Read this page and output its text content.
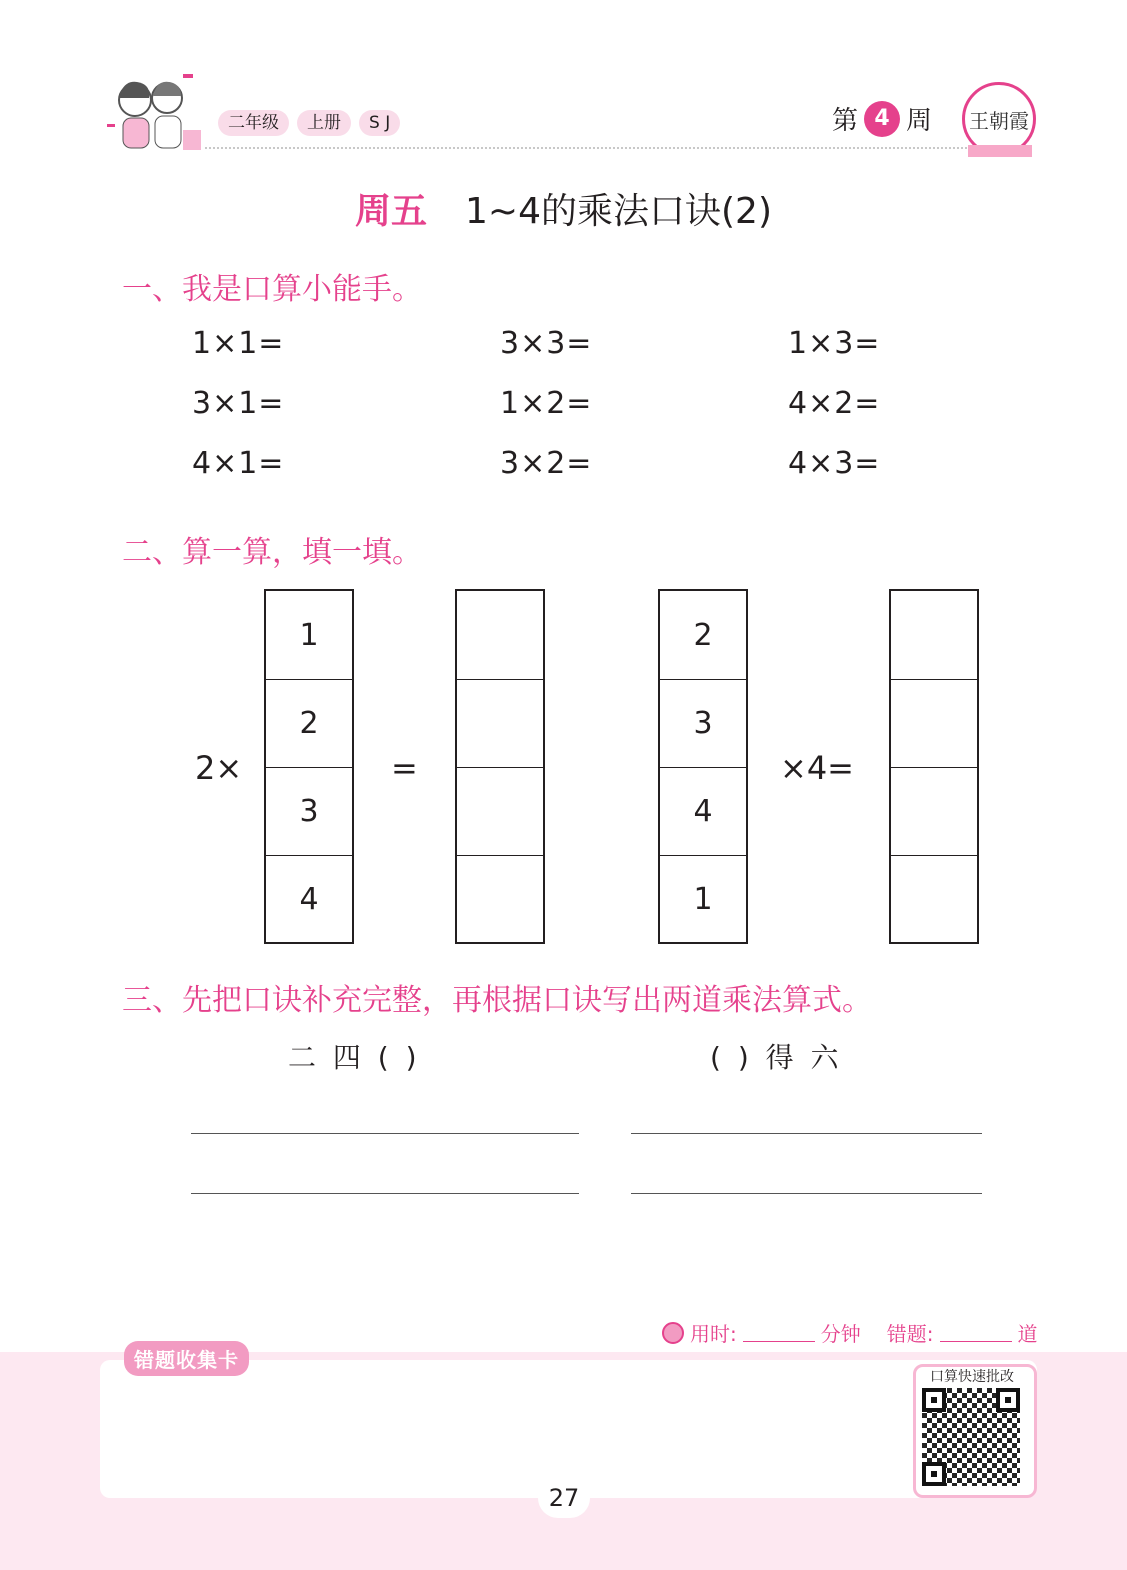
二年级	上册	S J	第 4 周 王朝霞
周五 1~4的乘法口诀(2)
一、我是口算小能手。
1×1=	3×3=	1×3=
3×1=	1×2=	4×2=
4×1=	3×2=	4×3=
二、算一算，填一填。
2×
1
2
3
4
=
2
3
4
1
×4=
三、先把口诀补充完整，再根据口诀写出两道乘法算式。
二 四 ( )	( ) 得 六
用时:	分钟 错题:	道
错题收集卡
口算快速批改
27
